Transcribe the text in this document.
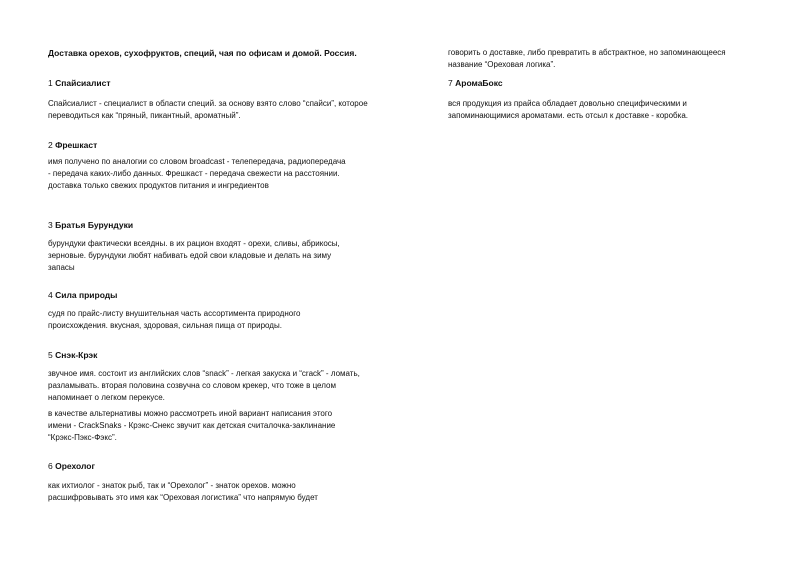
Доставка орехов, сухофруктов, специй, чая по офисам и домой. Россия.
1 Спайсиалист

Спайсиалист - специалист в области специй. за основу взято слово “спайси”, которое переводиться как “пряный, пикантный, ароматный”.

2 Фрешкаст

имя получено по аналогии со словом broadcast - телепередача, радиопередача - передача каких-либо данных. Фрешкаст - передача свежести на расстоянии. доставка только свежих продуктов питания и ингредиентов

3 Братья Бурундуки

бурундуки фактически всеядны. в их рацион входят - орехи, сливы, абрикосы, зерновые. бурундуки любят набивать едой свои кладовые и делать на зиму запасы

4 Сила природы

судя по прайс-листу внушительная часть ассортимента природного происхождения. вкусная, здоровая, сильная пища от природы.

5 Снэк-Крэк

звучное имя. состоит из английских слов “snack” - легкая закуска и “crack” - ломать, разламывать. вторая половина созвучна со словом крекер, что тоже в целом напоминает о легком перекусе.

в качестве альтернативы можно рассмотреть иной вариант написания этого имени - CrackSnaks - Крэкс-Снекс звучит как детская считалочка-заклинание “Крэкс-Пэкс-Фэкс”.

6 Орехолог

как ихтиолог - знаток рыб, так и “Орехолог” - знаток орехов. можно расшифровывать это имя как “Ореховая логистика” что напрямую будет

говорить о доставке, либо превратить в абстрактное, но запоминающееся название “Ореховая логика”.

7 АромаБокс

вся продукция из прайса обладает довольно специфическими и запоминающимися ароматами. есть отсыл к доставке - коробка.
